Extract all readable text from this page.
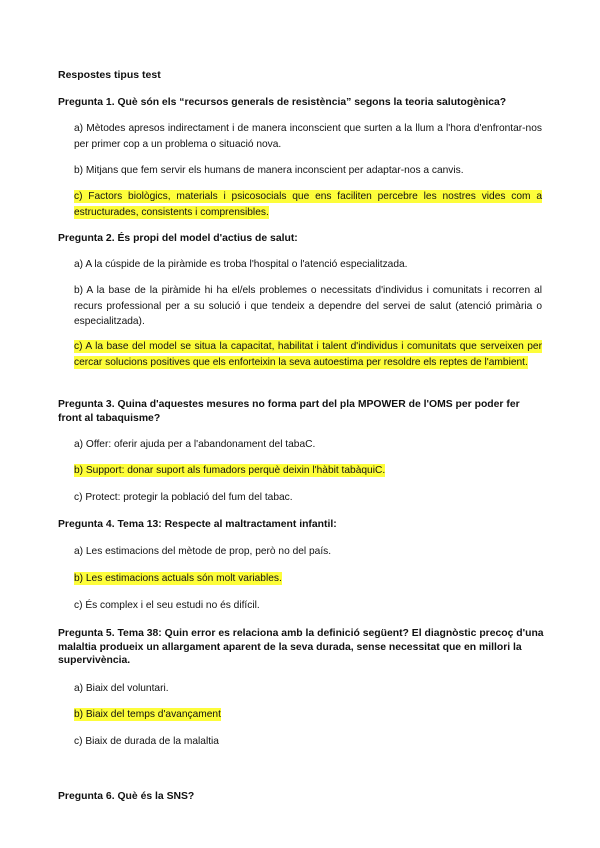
Respostes tipus test
Pregunta 1. Què són els “recursos generals de resistència” segons la teoria salutogènica?
a) Mètodes apresos indirectament i de manera inconscient que surten a la llum a l'hora d'enfrontar-nos per primer cop a un problema o situació nova.
b) Mitjans que fem servir els humans de manera inconscient per adaptar-nos a canvis.
c) Factors biològics, materials i psicosocials que ens faciliten percebre les nostres vides com a estructurades, consistents i comprensibles.
Pregunta 2. És propi del model d'actius de salut:
a) A la cúspide de la piràmide es troba l'hospital o l'atenció especialitzada.
b) A la base de la piràmide hi ha el/els problemes o necessitats d'individus i comunitats i recorren al recurs professional per a su solució i que tendeix a dependre del servei de salut (atenció primària o especialitzada).
c) A la base del model se situa la capacitat, habilitat i talent d'individus i comunitats que serveixen per cercar solucions positives que els enforteixin la seva autoestima per resoldre els reptes de l'ambient.
Pregunta 3. Quina d'aquestes mesures no forma part del pla MPOWER de l'OMS per poder fer front al tabaquisme?
a) Offer: oferir ajuda per a l'abandonament del tabaC.
b) Support: donar suport als fumadors perquè deixin l'hàbit tabàquiC.
c) Protect: protegir la població del fum del tabac.
Pregunta 4. Tema 13: Respecte al maltractament infantil:
a) Les estimacions del mètode de prop, però no del país.
b) Les estimacions actuals són molt variables.
c) És complex i el seu estudi no és difícil.
Pregunta 5. Tema 38: Quin error es relaciona amb la definició següent? El diagnòstic precoç d'una malaltia produeix un allargament aparent de la seva durada, sense necessitat que en millori la supervivència.
a) Biaix del voluntari.
b) Biaix del temps d'avançament
c) Biaix de durada de la malaltia
Pregunta 6. Què és la SNS?
